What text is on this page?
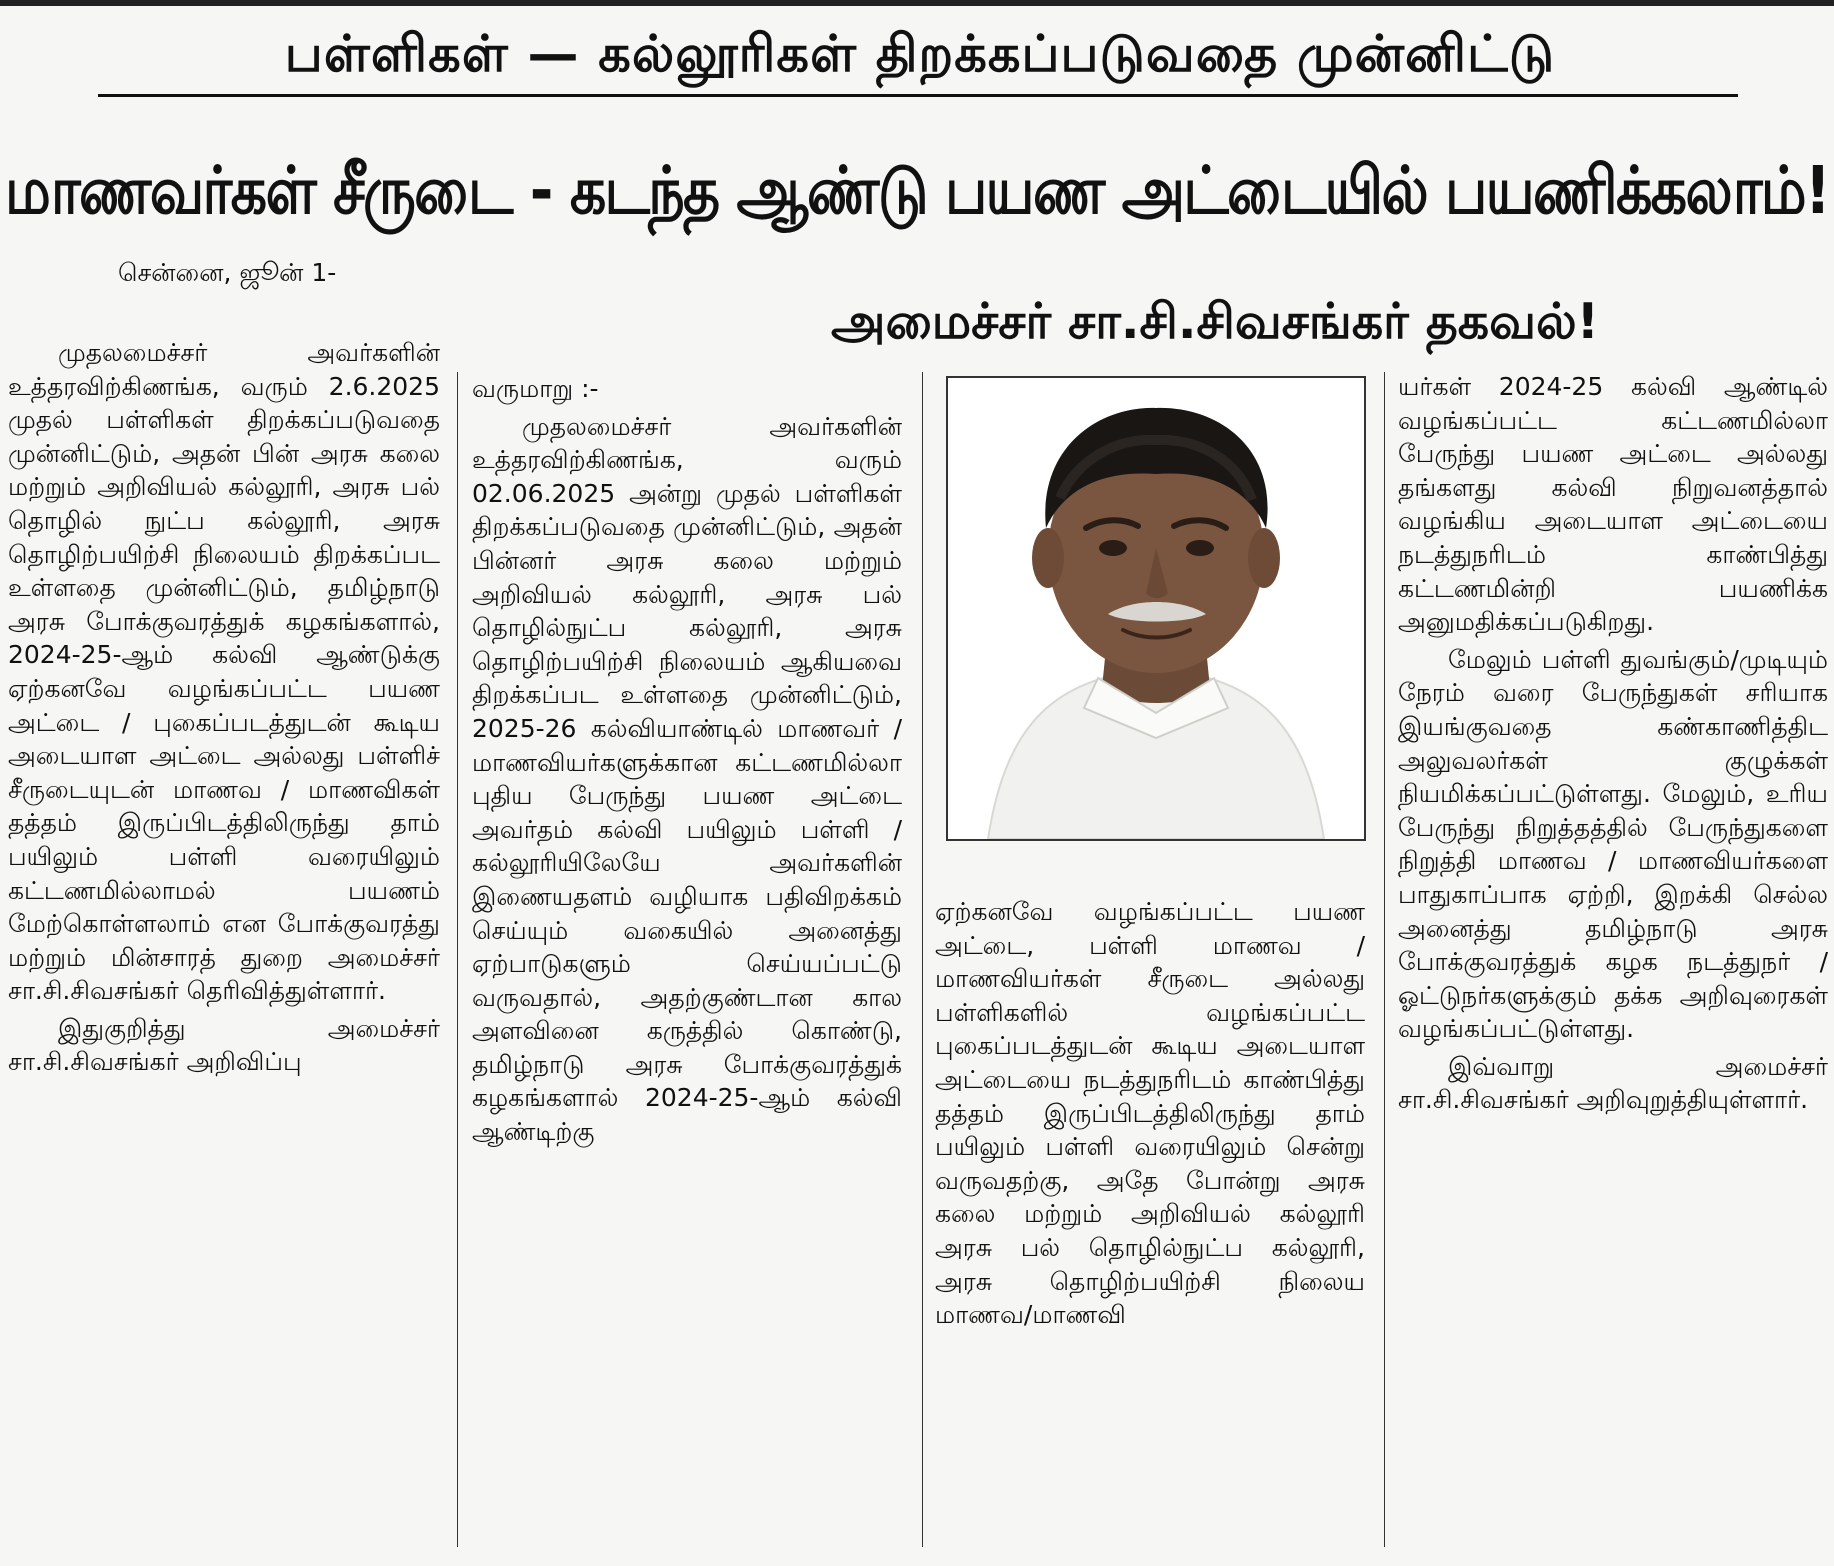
பள்ளிகள் — கல்லூரிகள் திறக்கப்படுவதை முன்னிட்டு
மாணவர்கள் சீருடை - கடந்த ஆண்டு பயண அட்டையில் பயணிக்கலாம்!
சென்னை, ஜூன் 1-
அமைச்சர் சா.சி.சிவசங்கர் தகவல்!

முதலமைச்சர் அவர்களின் உத்தரவிற்கிணங்க, வரும் 2.6.2025 முதல் பள்ளிகள் திறக்கப்படுவதை முன்னிட்டும், அதன் பின் அரசு கலை மற்றும் அறிவியல் கல்லூரி, அரசு பல் தொழில் நுட்ப கல்லூரி, அரசு தொழிற்பயிற்சி நிலையம் திறக்கப்பட உள்ளதை முன்னிட்டும், தமிழ்நாடு அரசு போக்குவரத்துக் கழகங்களால், 2024-25-ஆம் கல்வி ஆண்டுக்கு ஏற்கனவே வழங்கப்பட்ட பயண அட்டை / புகைப்படத்துடன் கூடிய அடையாள அட்டை அல்லது பள்ளிச் சீருடையுடன் மாணவ / மாணவிகள் தத்தம் இருப்பிடத்திலிருந்து தாம் பயிலும் பள்ளி வரையிலும் கட்டணமில்லாமல் பயணம் மேற்கொள்ளலாம் என போக்குவரத்து மற்றும் மின்சாரத் துறை அமைச்சர் சா.சி.சிவசங்கர் தெரிவித்துள்ளார்.

இதுகுறித்து அமைச்சர் சா.சி.சிவசங்கர் அறிவிப்பு

வருமாறு :-

முதலமைச்சர் அவர்களின் உத்தரவிற்கிணங்க, வரும் 02.06.2025 அன்று முதல் பள்ளிகள் திறக்கப்படுவதை முன்னிட்டும், அதன் பின்னர் அரசு கலை மற்றும் அறிவியல் கல்லூரி, அரசு பல் தொழில்நுட்ப கல்லூரி, அரசு தொழிற்பயிற்சி நிலையம் ஆகியவை திறக்கப்பட உள்ளதை முன்னிட்டும், 2025-26 கல்வியாண்டில் மாணவர் / மாணவியர்களுக்கான கட்டணமில்லா புதிய பேருந்து பயண அட்டை அவர்தம் கல்வி பயிலும் பள்ளி / கல்லூரியிலேயே அவர்களின் இணையதளம் வழியாக பதிவிறக்கம் செய்யும் வகையில் அனைத்து ஏற்பாடுகளும் செய்யப்பட்டு வருவதால், அதற்குண்டான கால அளவினை கருத்தில் கொண்டு, தமிழ்நாடு அரசு போக்குவரத்துக் கழகங்களால் 2024-25-ஆம் கல்வி ஆண்டிற்கு

ஏற்கனவே வழங்கப்பட்ட பயண அட்டை, பள்ளி மாணவ / மாணவியர்கள் சீருடை அல்லது பள்ளிகளில் வழங்கப்பட்ட புகைப்படத்துடன் கூடிய அடையாள அட்டையை நடத்துநரிடம் காண்பித்து தத்தம் இருப்பிடத்திலிருந்து தாம் பயிலும் பள்ளி வரையிலும் சென்று வருவதற்கு, அதே போன்று அரசு கலை மற்றும் அறிவியல் கல்லூரி அரசு பல் தொழில்நுட்ப கல்லூரி, அரசு தொழிற்பயிற்சி நிலைய மாணவ/மாணவி

யர்கள் 2024-25 கல்வி ஆண்டில் வழங்கப்பட்ட கட்டணமில்லா பேருந்து பயண அட்டை அல்லது தங்களது கல்வி நிறுவனத்தால் வழங்கிய அடையாள அட்டையை நடத்துநரிடம் காண்பித்து கட்டணமின்றி பயணிக்க அனுமதிக்கப்படுகிறது.

மேலும் பள்ளி துவங்கும்/முடியும் நேரம் வரை பேருந்துகள் சரியாக இயங்குவதை கண்காணித்திட அலுவலர்கள் குழுக்கள் நியமிக்கப்பட்டுள்ளது. மேலும், உரிய பேருந்து நிறுத்தத்தில் பேருந்துகளை நிறுத்தி மாணவ / மாணவியர்களை பாதுகாப்பாக ஏற்றி, இறக்கி செல்ல அனைத்து தமிழ்நாடு அரசு போக்குவரத்துக் கழக நடத்துநர் / ஓட்டுநர்களுக்கும் தக்க அறிவுரைகள் வழங்கப்பட்டுள்ளது.

இவ்வாறு அமைச்சர் சா.சி.சிவசங்கர் அறிவுறுத்தியுள்ளார்.
